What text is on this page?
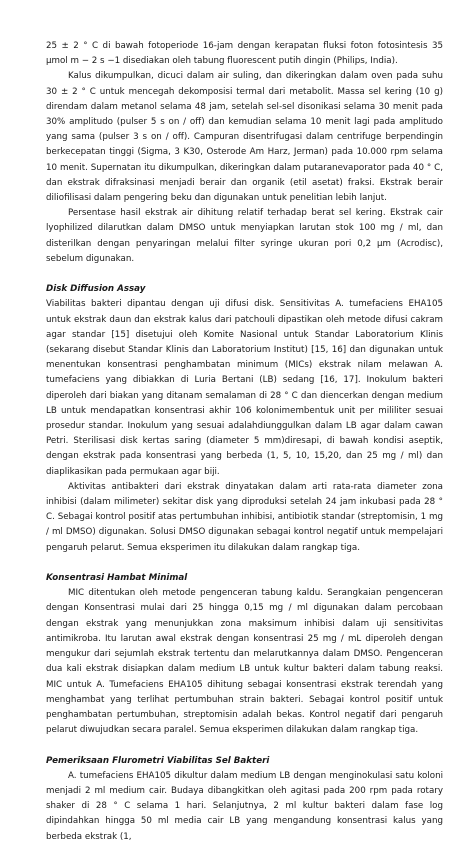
25 ± 2 ° C di bawah fotoperiode 16-jam dengan kerapatan fluksi foton fotosintesis 35 µmol m − 2 s −1 disediakan oleh tabung fluorescent putih dingin (Philips, India).

Kalus dikumpulkan, dicuci dalam air suling, dan dikeringkan dalam oven pada suhu 30 ± 2 ° C untuk mencegah dekomposisi termal dari metabolit. Massa sel kering (10 g) direndam dalam metanol selama 48 jam, setelah sel-sel disonikasi selama 30 menit pada 30% amplitudo (pulser 5 s on / off) dan kemudian selama 10 menit lagi pada amplitudo yang sama (pulser 3 s on / off). Campuran disentrifugasi dalam centrifuge berpendingin berkecepatan tinggi (Sigma, 3 K30, Osterode Am Harz, Jerman) pada 10.000 rpm selama 10 menit. Supernatan itu dikumpulkan, dikeringkan dalam putaranevaporator pada 40 ° C, dan ekstrak difraksinasi menjadi berair dan organik (etil asetat) fraksi. Ekstrak berair diliofilisasi dalam pengering beku dan digunakan untuk penelitian lebih lanjut.

Persentase hasil ekstrak air dihitung relatif terhadap berat sel kering. Ekstrak cair lyophilized dilarutkan dalam DMSO untuk menyiapkan larutan stok 100 mg / ml, dan disterilkan dengan penyaringan melalui filter syringe ukuran pori 0,2 µm (Acrodisc), sebelum digunakan.

Disk Diffusion Assay

Viabilitas bakteri dipantau dengan uji difusi disk. Sensitivitas A. tumefaciens EHA105 untuk ekstrak daun dan ekstrak kalus dari patchouli dipastikan oleh metode difusi cakram agar standar [15] disetujui oleh Komite Nasional untuk Standar Laboratorium Klinis (sekarang disebut Standar Klinis dan Laboratorium Institut) [15, 16] dan digunakan untuk menentukan konsentrasi penghambatan minimum (MICs) ekstrak nilam melawan A. tumefaciens yang dibiakkan di Luria Bertani (LB) sedang [16, 17]. Inokulum bakteri diperoleh dari biakan yang ditanam semalaman di 28 ° C dan diencerkan dengan medium LB untuk mendapatkan konsentrasi akhir 106 kolonimembentuk unit per mililiter sesuai prosedur standar. Inokulum yang sesuai adalahdiunggulkan dalam LB agar dalam cawan Petri. Sterilisasi disk kertas saring (diameter 5 mm)diresapi, di bawah kondisi aseptik, dengan ekstrak pada konsentrasi yang berbeda (1, 5, 10, 15,20, dan 25 mg / ml) dan diaplikasikan pada permukaan agar biji.

Aktivitas antibakteri dari ekstrak dinyatakan dalam arti rata-rata diameter zona inhibisi (dalam milimeter) sekitar disk yang diproduksi setelah 24 jam inkubasi pada 28 ° C. Sebagai kontrol positif atas pertumbuhan inhibisi, antibiotik standar (streptomisin, 1 mg / ml DMSO) digunakan. Solusi DMSO digunakan sebagai kontrol negatif untuk mempelajari pengaruh pelarut. Semua eksperimen itu dilakukan dalam rangkap tiga.

Konsentrasi Hambat Minimal

MIC ditentukan oleh metode pengenceran tabung kaldu. Serangkaian pengenceran dengan Konsentrasi mulai dari 25 hingga 0,15 mg / ml digunakan dalam percobaan dengan ekstrak yang menunjukkan zona maksimum inhibisi dalam uji sensitivitas antimikroba. Itu larutan awal ekstrak dengan konsentrasi 25 mg / mL diperoleh dengan mengukur dari sejumlah ekstrak tertentu dan melarutkannya dalam DMSO. Pengenceran dua kali ekstrak disiapkan dalam medium LB untuk kultur bakteri dalam tabung reaksi. MIC untuk A. Tumefaciens EHA105 dihitung sebagai konsentrasi ekstrak terendah yang menghambat yang terlihat pertumbuhan strain bakteri. Sebagai kontrol positif untuk penghambatan pertumbuhan, streptomisin adalah bekas. Kontrol negatif dari pengaruh pelarut diwujudkan secara paralel. Semua eksperimen dilakukan dalam rangkap tiga.

Pemeriksaan Flurometri Viabilitas Sel Bakteri

A. tumefaciens EHA105 dikultur dalam medium LB dengan menginokulasi satu koloni menjadi 2 ml medium cair. Budaya dibangkitkan oleh agitasi pada 200 rpm pada rotary shaker di 28 ° C selama 1 hari. Selanjutnya, 2 ml kultur bakteri dalam fase log dipindahkan hingga 50 ml media cair LB yang mengandung konsentrasi kalus yang berbeda ekstrak (1,
